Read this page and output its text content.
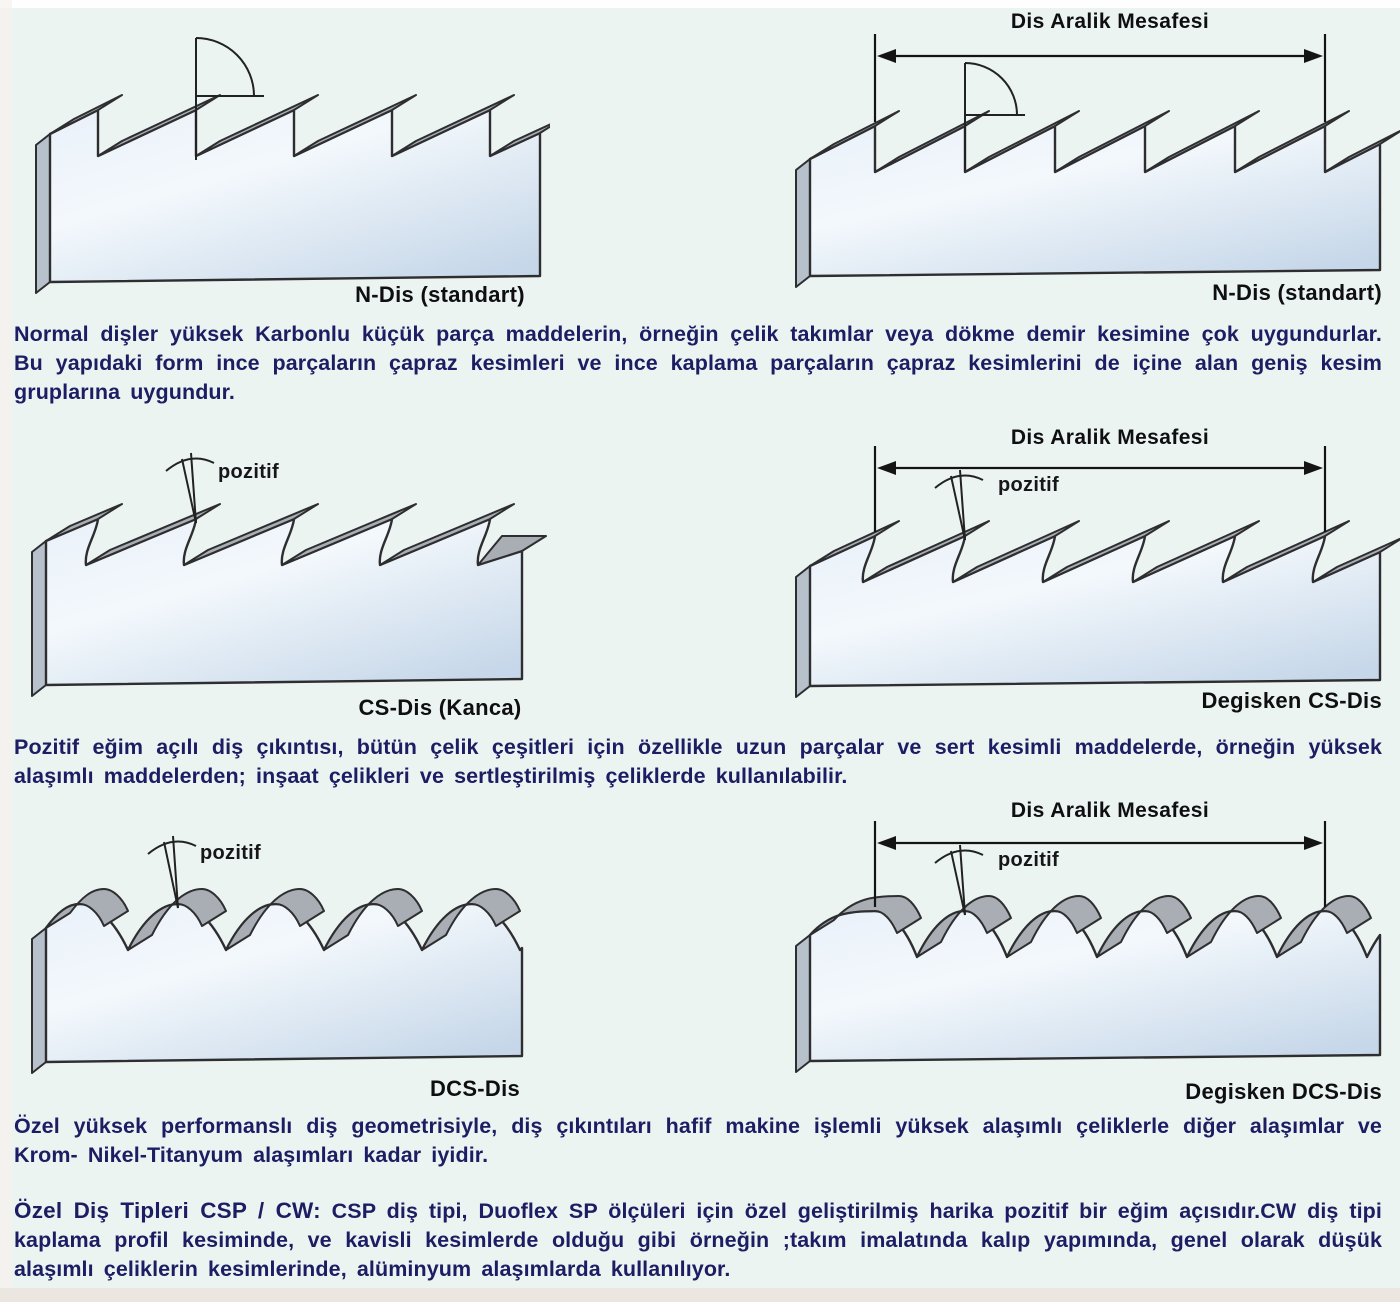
N-Dis (standart)
Dis Aralik Mesafesi
N-Dis (standart)

Normal dişler yüksek Karbonlu küçük parça maddelerin, örneğin çelik takımlar veya dökme demir kesimine çok uygundurlar. Bu yapıdaki form ince parçaların çapraz kesimleri ve ince kaplama parçaların çapraz kesimlerini de içine alan geniş kesim gruplarına uygundur.

pozitif
CS-Dis (Kanca)
Dis Aralik Mesafesi
pozitif
Degisken CS-Dis

Pozitif eğim açılı diş çıkıntısı, bütün çelik çeşitleri için özellikle uzun parçalar ve sert kesimli maddelerde, örneğin yüksek alaşımlı maddelerden; inşaat çelikleri ve sertleştirilmiş çeliklerde kullanılabilir.

pozitif
DCS-Dis
Dis Aralik Mesafesi
pozitif
Degisken DCS-Dis

Özel yüksek performanslı diş geometrisiyle, diş çıkıntıları hafif makine işlemli yüksek alaşımlı çeliklerle diğer alaşımlar ve Krom- Nikel-Titanyum alaşımları kadar iyidir.

Özel Diş Tipleri CSP / CW: CSP diş tipi, Duoflex SP ölçüleri için özel geliştirilmiş harika pozitif bir eğim açısıdır.CW diş tipi kaplama profil kesiminde, ve kavisli kesimlerde olduğu gibi örneğin ;takım imalatında kalıp yapımında, genel olarak düşük alaşımlı çeliklerin kesimlerinde, alüminyum alaşımlarda kullanılıyor.
